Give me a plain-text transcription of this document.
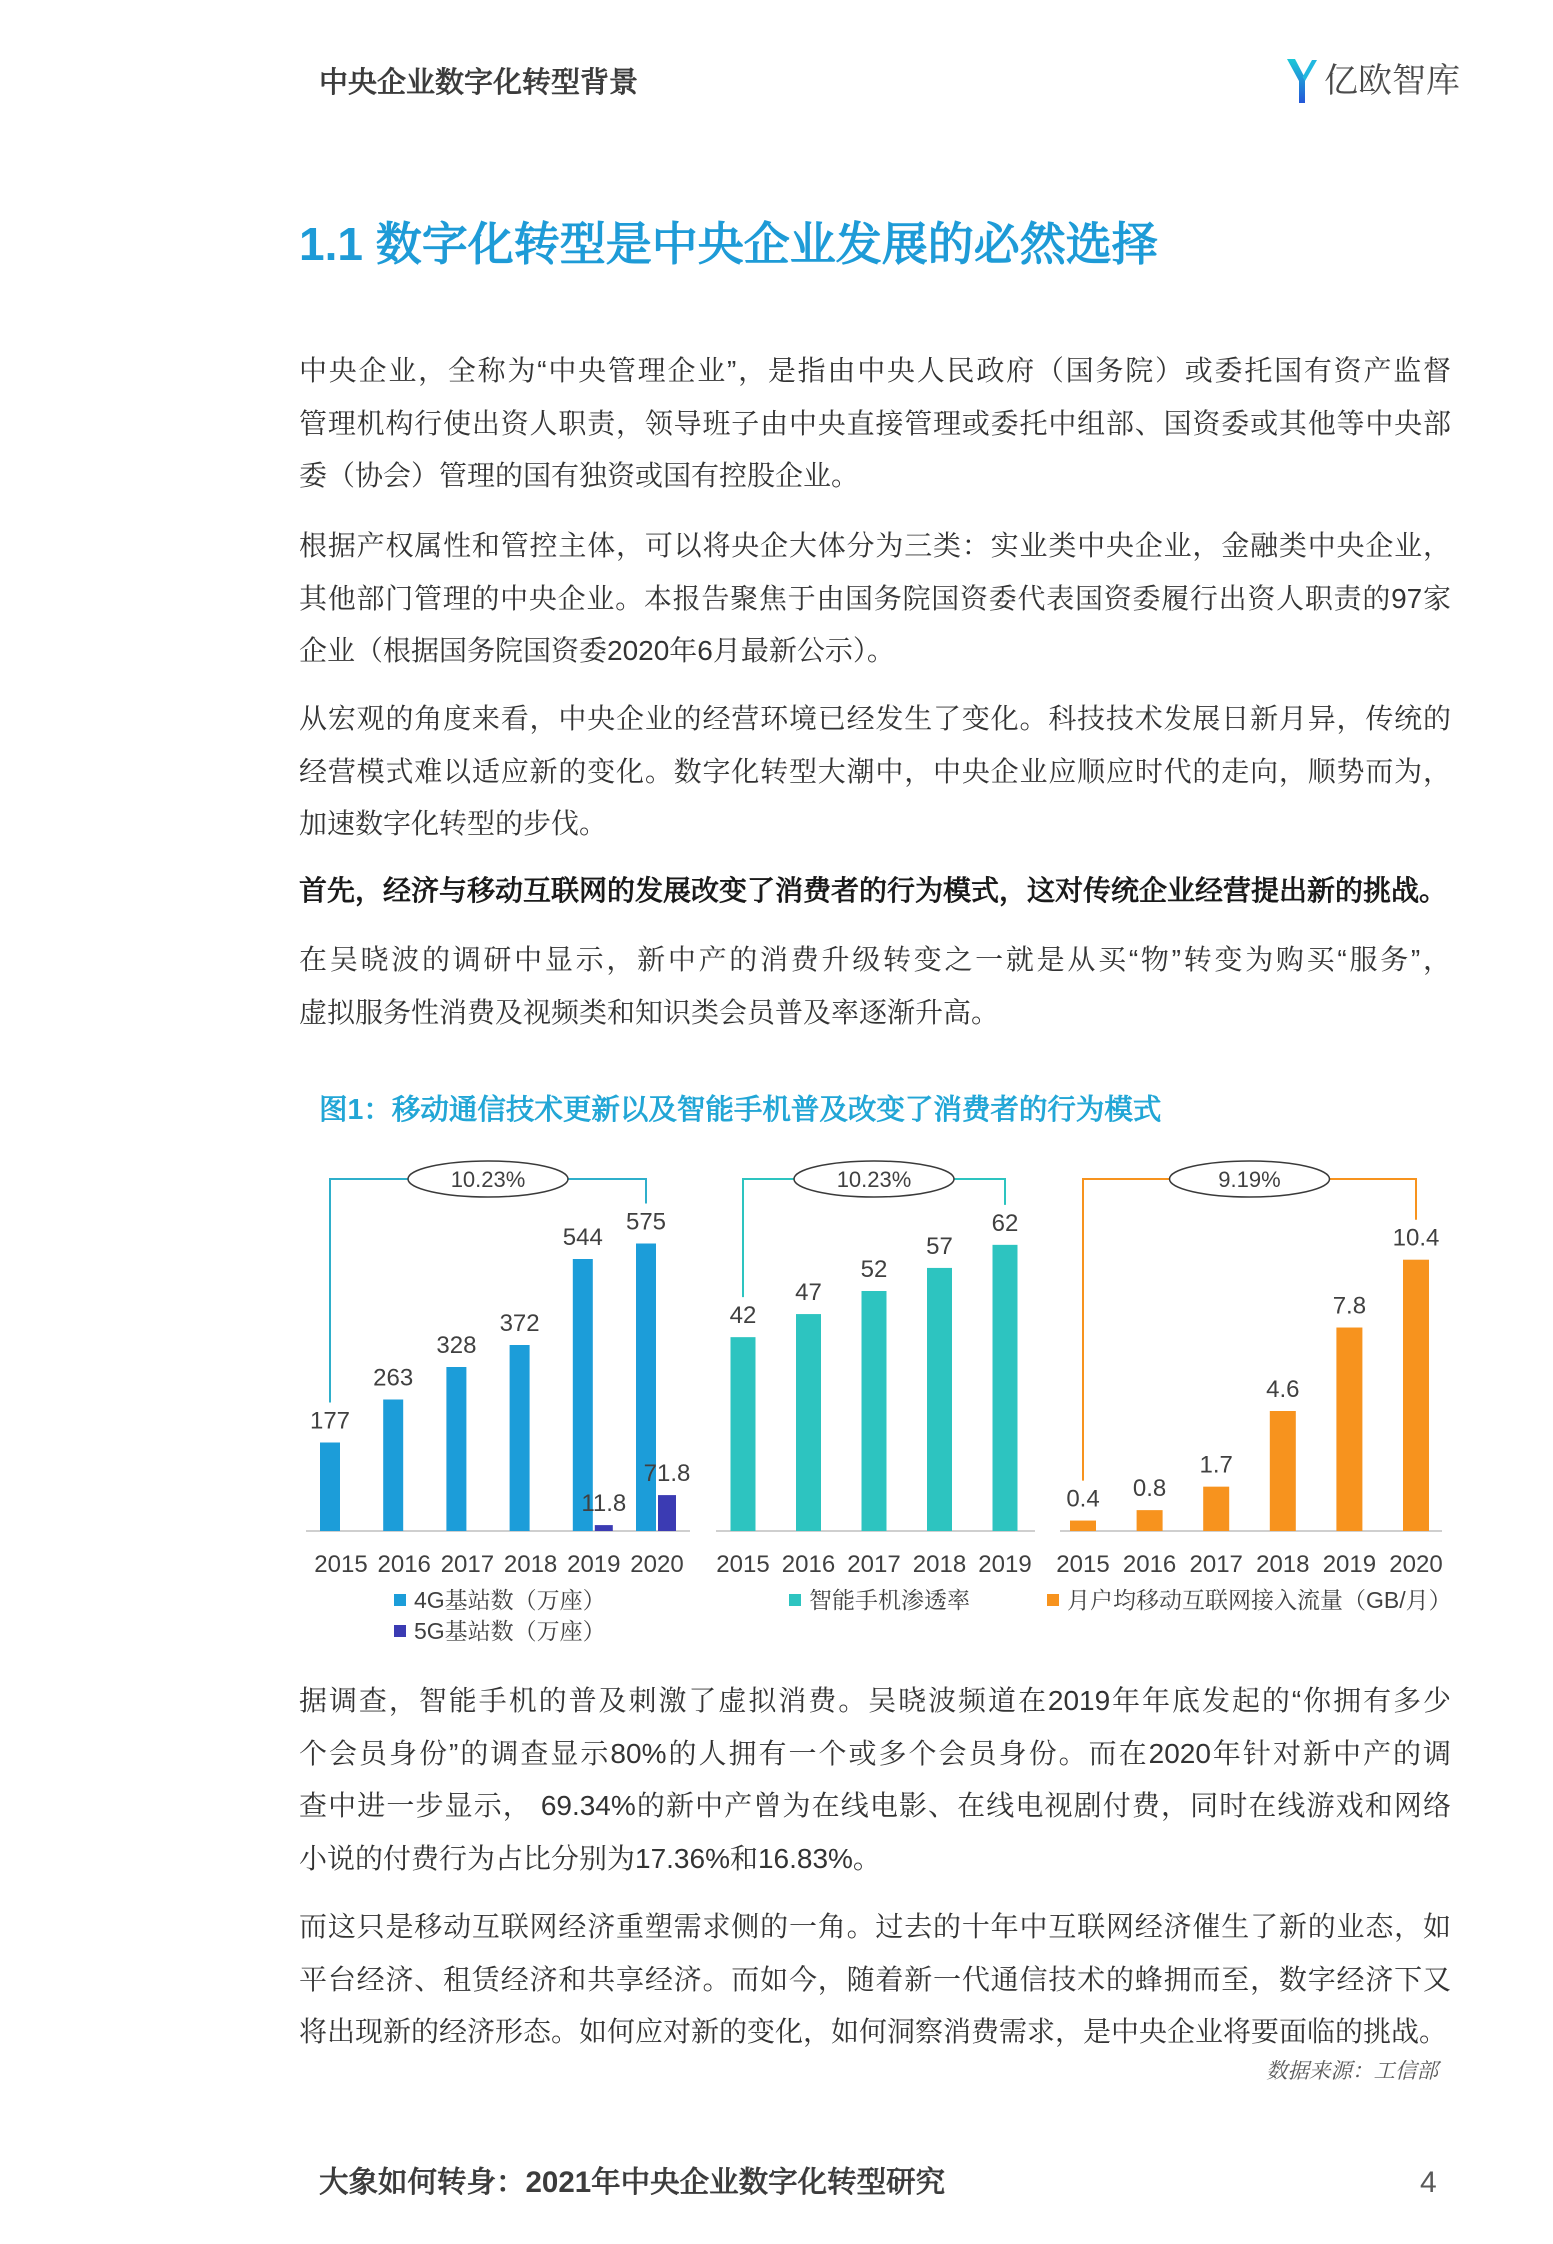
中央企业数字化转型背景	亿欧智库
1.1 数字化转型是中央企业发展的必然选择
中央企业，全称为“中央管理企业”，是指由中央人民政府（国务院）或委托国有资产监督
管理机构行使出资人职责，领导班子由中央直接管理或委托中组部、国资委或其他等中央部
委（协会）管理的国有独资或国有控股企业。
根据产权属性和管控主体，可以将央企大体分为三类：实业类中央企业，金融类中央企业，
其他部门管理的中央企业。本报告聚焦于由国务院国资委代表国资委履行出资人职责的97家
企业（根据国务院国资委2020年6月最新公示）。
从宏观的角度来看，中央企业的经营环境已经发生了变化。科技技术发展日新月异，传统的
经营模式难以适应新的变化。数字化转型大潮中，中央企业应顺应时代的走向，顺势而为，
加速数字化转型的步伐。
首先，经济与移动互联网的发展改变了消费者的行为模式，这对传统企业经营提出新的挑战。
在吴晓波的调研中显示，新中产的消费升级转变之一就是从买“物”转变为购买“服务”，
虚拟服务性消费及视频类和知识类会员普及率逐渐升高。
图1：移动通信技术更新以及智能手机普及改变了消费者的行为模式
177
263
328
372
544
575
11.8
71.8
2015 2016 2017 2018 2019 2020
10.23%
4G基站数（万座）
5G基站数（万座）
42
47
52
57
62
2015 2016 2017 2018 2019
10.23%
智能手机渗透率
0.4 0.8
1.7
4.6
7.8
10.4
2015 2016 2017 2018 2019 2020
9.19%
月户均移动互联网接入流量（GB/月）
据调查，智能手机的普及刺激了虚拟消费。吴晓波频道在2019年年底发起的“你拥有多少
个会员身份”的调查显示80%的人拥有一个或多个会员身份。而在2020年针对新中产的调
查中进一步显示， 69.34%的新中产曾为在线电影、在线电视剧付费，同时在线游戏和网络
小说的付费行为占比分别为17.36%和16.83%。
而这只是移动互联网经济重塑需求侧的一角。过去的十年中互联网经济催生了新的业态，如
平台经济、租赁经济和共享经济。而如今，随着新一代通信技术的蜂拥而至，数字经济下又
将出现新的经济形态。如何应对新的变化，如何洞察消费需求，是中央企业将要面临的挑战。
数据来源：工信部
大象如何转身：2021年中央企业数字化转型研究	4
